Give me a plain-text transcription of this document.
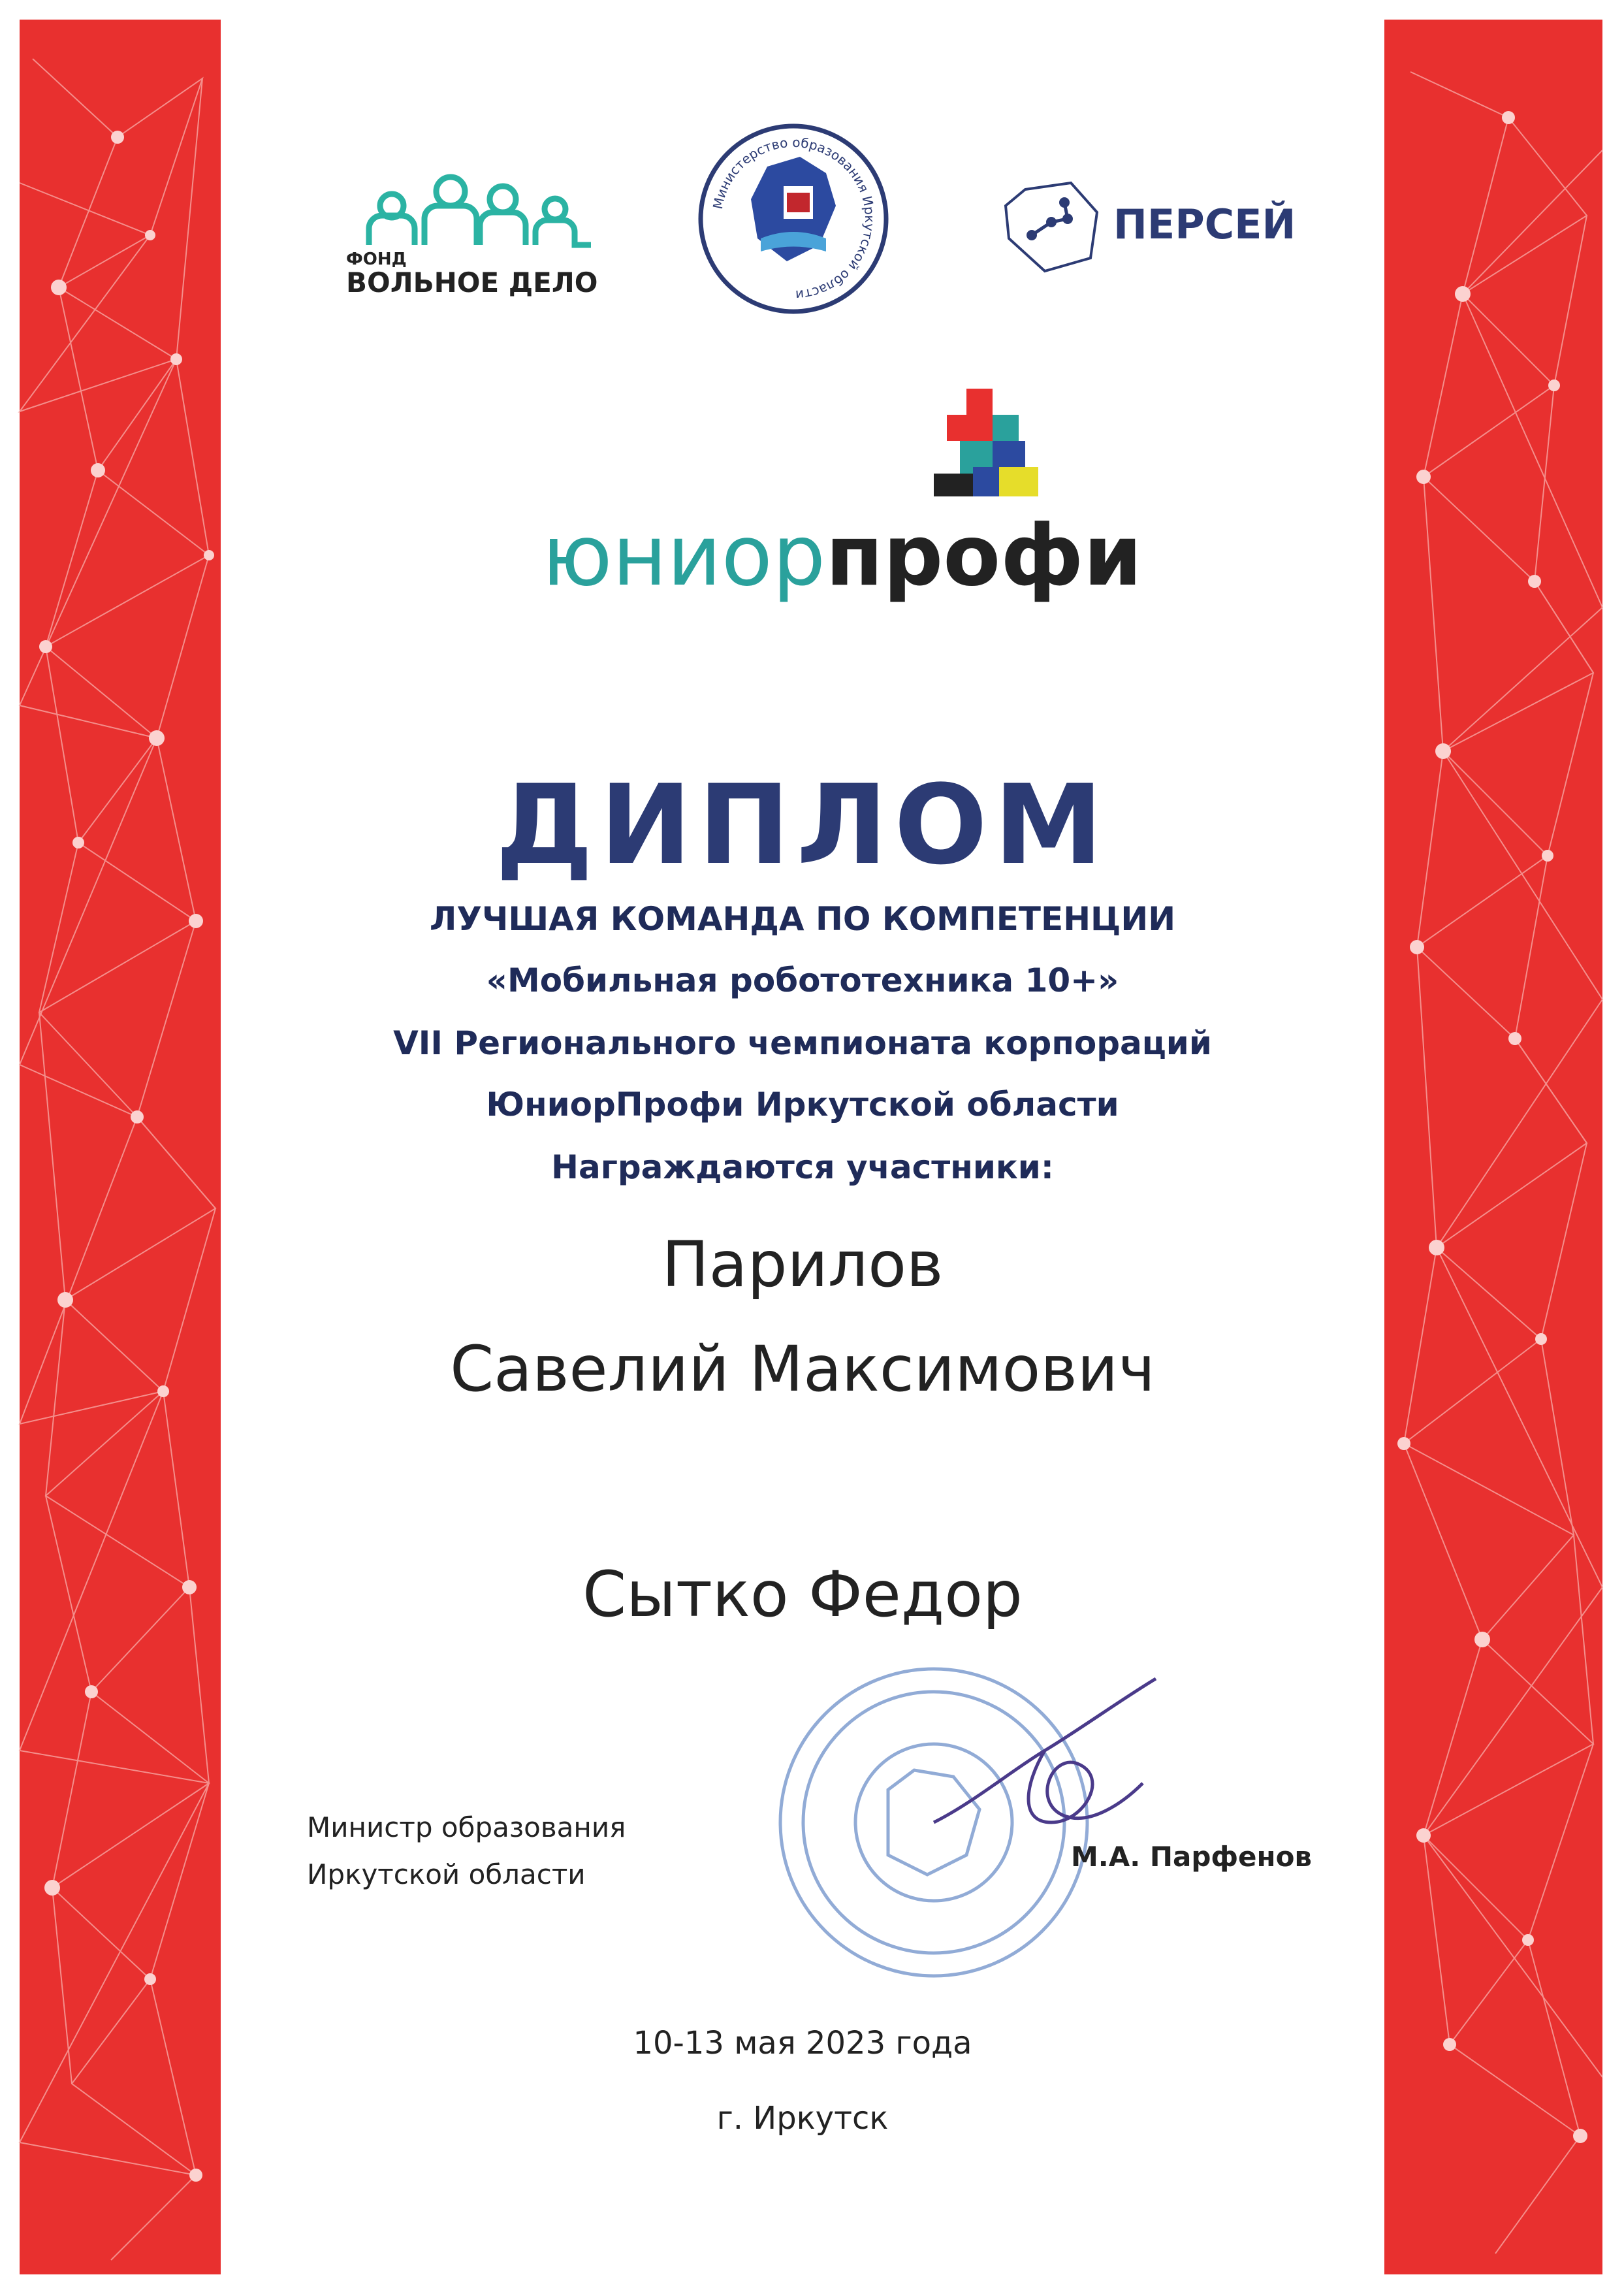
ФОНД
ВОЛЬНОЕ ДЕЛО
Министерство образования Иркутской области
ПЕРСЕЙ
юниорпрофи
ДИПЛОМ
ЛУЧШАЯ КОМАНДА ПО КОМПЕТЕНЦИИ
«Мобильная робототехника 10+»
VII Регионального чемпионата корпораций
ЮниорПрофи Иркутской области
Награждаются участники:
Парилов
Савелий Максимович
Сытко Федор
Министр образования
Иркутской области
М.А. Парфенов
10-13 мая 2023 года
г. Иркутск
